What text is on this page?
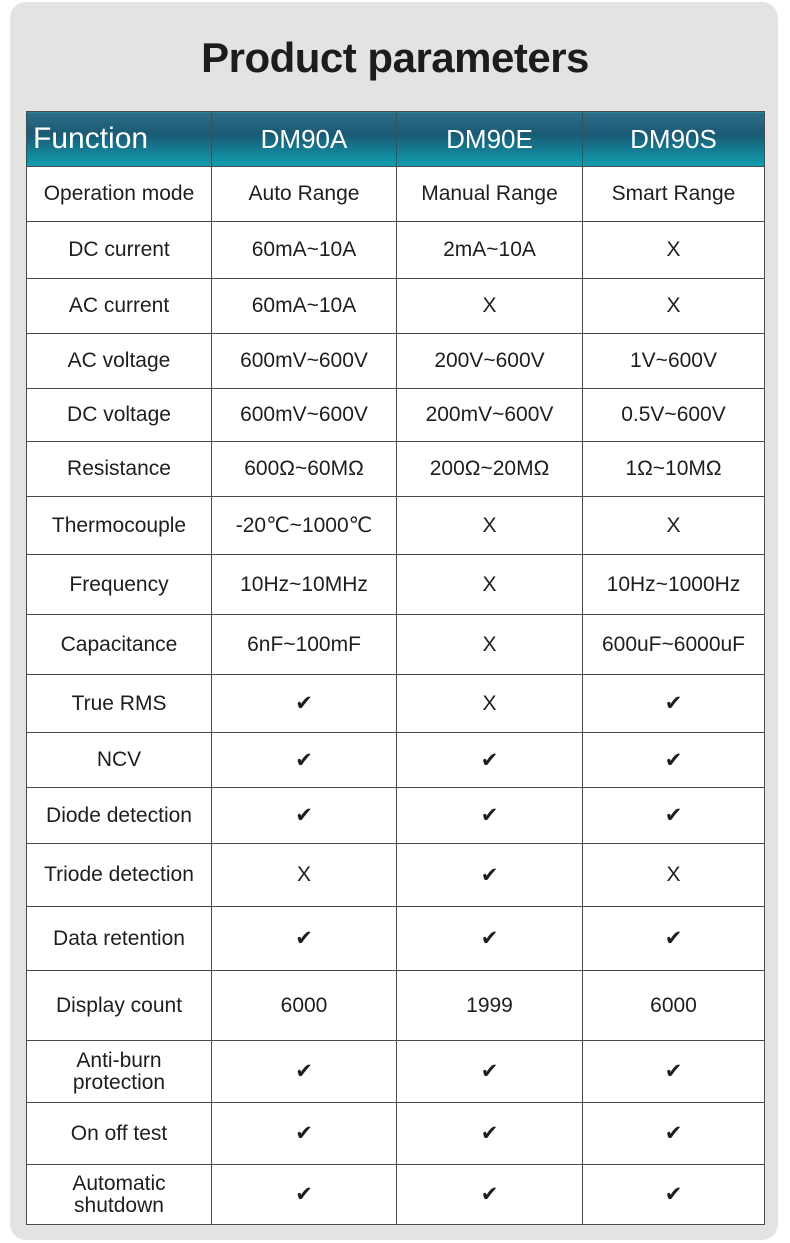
Product parameters
Function	DM90A	DM90E	DM90S
Operation mode	Auto Range	Manual Range	Smart Range
DC current	60mA~10A	2mA~10A	X
AC current	60mA~10A	X	X
AC voltage	600mV~600V	200V~600V	1V~600V
DC voltage	600mV~600V	200mV~600V	0.5V~600V
Resistance	600Ω~60MΩ	200Ω~20MΩ	1Ω~10MΩ
Thermocouple	-20℃~1000℃	X	X
Frequency	10Hz~10MHz	X	10Hz~1000Hz
Capacitance	6nF~100mF	X	600uF~6000uF
True RMS	✔	X	✔
NCV	✔	✔	✔
Diode detection	✔	✔	✔
Triode detection	X	✔	X
Data retention	✔	✔	✔
Display count	6000	1999	6000
Anti-burn protection	✔	✔	✔
On off test	✔	✔	✔
Automatic shutdown	✔	✔	✔
